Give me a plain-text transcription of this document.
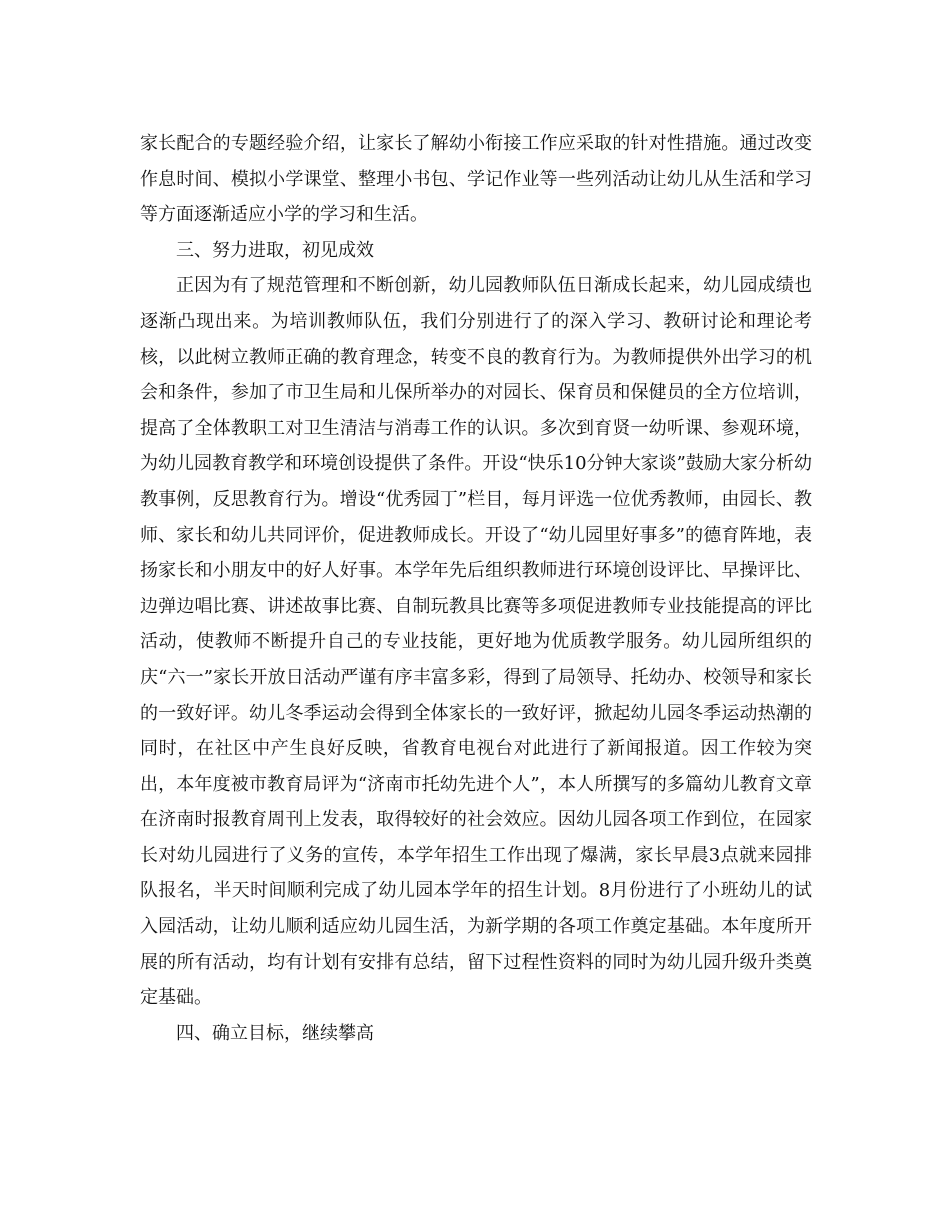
家长配合的专题经验介绍，让家长了解幼小衔接工作应采取的针对性措施。通过改变作息时间、模拟小学课堂、整理小书包、学记作业等一些列活动让幼儿从生活和学习等方面逐渐适应小学的学习和生活。

三、努力进取，初见成效

正因为有了规范管理和不断创新，幼儿园教师队伍日渐成长起来，幼儿园成绩也逐渐凸现出来。为培训教师队伍，我们分别进行了的深入学习、教研讨论和理论考核，以此树立教师正确的教育理念，转变不良的教育行为。为教师提供外出学习的机会和条件，参加了市卫生局和儿保所举办的对园长、保育员和保健员的全方位培训，提高了全体教职工对卫生清洁与消毒工作的认识。多次到育贤一幼听课、参观环境，为幼儿园教育教学和环境创设提供了条件。开设“快乐10分钟大家谈”鼓励大家分析幼教事例，反思教育行为。增设“优秀园丁”栏目，每月评选一位优秀教师，由园长、教师、家长和幼儿共同评价，促进教师成长。开设了“幼儿园里好事多”的德育阵地，表扬家长和小朋友中的好人好事。本学年先后组织教师进行环境创设评比、早操评比、边弹边唱比赛、讲述故事比赛、自制玩教具比赛等多项促进教师专业技能提高的评比活动，使教师不断提升自己的专业技能，更好地为优质教学服务。幼儿园所组织的庆“六一”家长开放日活动严谨有序丰富多彩，得到了局领导、托幼办、校领导和家长的一致好评。幼儿冬季运动会得到全体家长的一致好评，掀起幼儿园冬季运动热潮的同时，在社区中产生良好反映，省教育电视台对此进行了新闻报道。因工作较为突出，本年度被市教育局评为“济南市托幼先进个人”，本人所撰写的多篇幼儿教育文章在济南时报教育周刊上发表，取得较好的社会效应。因幼儿园各项工作到位，在园家长对幼儿园进行了义务的宣传，本学年招生工作出现了爆满，家长早晨3点就来园排队报名，半天时间顺利完成了幼儿园本学年的招生计划。8月份进行了小班幼儿的试入园活动，让幼儿顺利适应幼儿园生活，为新学期的各项工作奠定基础。本年度所开展的所有活动，均有计划有安排有总结，留下过程性资料的同时为幼儿园升级升类奠定基础。

四、确立目标，继续攀高
